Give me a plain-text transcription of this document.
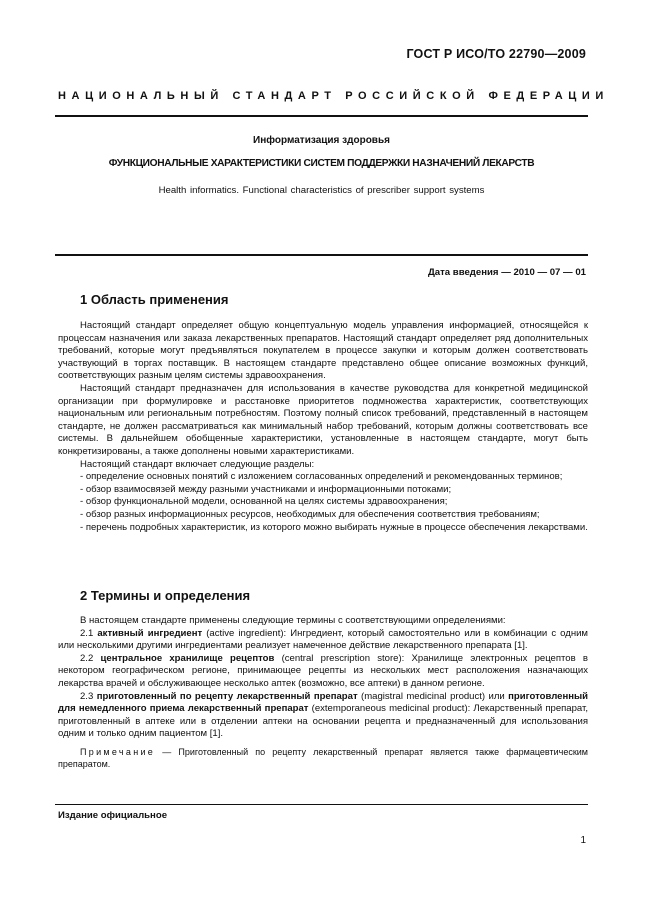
ГОСТ Р ИСО/ТО 22790—2009
НАЦИОНАЛЬНЫЙ СТАНДАРТ РОССИЙСКОЙ ФЕДЕРАЦИИ
Информатизация здоровья
ФУНКЦИОНАЛЬНЫЕ ХАРАКТЕРИСТИКИ СИСТЕМ ПОДДЕРЖКИ НАЗНАЧЕНИЙ ЛЕКАРСТВ
Health informatics. Functional characteristics of prescriber support systems
Дата введения — 2010 — 07 — 01
1 Область применения

Настоящий стандарт определяет общую концептуальную модель управления информацией, относящейся к процессам назначения или заказа лекарственных препаратов. Настоящий стандарт определяет ряд дополнительных требований, которые могут предъявляться покупателем в процессе закупки и которым должен соответствовать участвующий в торгах поставщик. В настоящем стандарте представлено общее описание возможных функций, соответствующих разным целям системы здравоохранения.

Настоящий стандарт предназначен для использования в качестве руководства для конкретной медицинской организации при формулировке и расстановке приоритетов подмножества характеристик, соответствующих национальным или региональным потребностям. Поэтому полный список требований, представленный в настоящем стандарте, не должен рассматриваться как минимальный набор требований, которым должны соответствовать все системы. В дальнейшем обобщенные характеристики, установленные в настоящем стандарте, могут быть конкретизированы, а также дополнены новыми характеристиками.

Настоящий стандарт включает следующие разделы:

- определение основных понятий с изложением согласованных определений и рекомендованных терминов;

- обзор взаимосвязей между разными участниками и информационными потоками;

- обзор функциональной модели, основанной на целях системы здравоохранения;

- обзор разных информационных ресурсов, необходимых для обеспечения соответствия требованиям;

- перечень подробных характеристик, из которого можно выбирать нужные в процессе обеспечения лекарствами.

2 Термины и определения

В настоящем стандарте применены следующие термины с соответствующими определениями:

2.1 активный ингредиент (active ingredient): Ингредиент, который самостоятельно или в комбинации с одним или несколькими другими ингредиентами реализует намеченное действие лекарственного препарата [1].

2.2 центральное хранилище рецептов (central prescription store): Хранилище электронных рецептов в некотором географическом регионе, принимающее рецепты из нескольких мест расположения назначающих лекарства врачей и обслуживающее несколько аптек (возможно, все аптеки) в данном регионе.

2.3 приготовленный по рецепту лекарственный препарат (magistral medicinal product) или приготовленный для немедленного приема лекарственный препарат (extemporaneous medicinal product): Лекарственный препарат, приготовленный в аптеке или в отделении аптеки на основании рецепта и предназначенный для использования одним и только одним пациентом [1].

Примечание — Приготовленный по рецепту лекарственный препарат является также фармацевтическим препаратом.

Издание официальное
1
